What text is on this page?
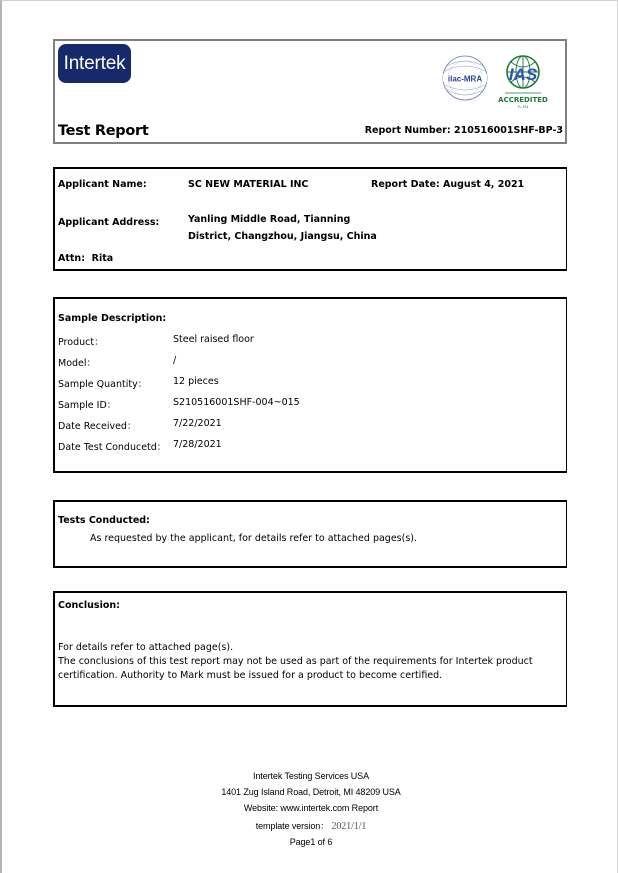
Intertek
ilac-MRA IAS
ACCREDITED
TL 394
Test Report	Report Number: 210516001SHF-BP-3
Applicant Name:	SC NEW MATERIAL INC	Report Date: August 4, 2021
Applicant Address:	Yanling Middle Road, Tianning
District, Changzhou, Jiangsu, China
Attn: Rita
Sample Description:
Product：	Steel raised floor
Model：	/
Sample Quantity：	12 pieces
Sample ID：	S210516001SHF-004~015
Date Received：	7/22/2021
Date Test Conducetd： 7/28/2021
Tests Conducted:
As requested by the applicant, for details refer to attached pages(s).
Conclusion:
For details refer to attached page(s).
The conclusions of this test report may not be used as part of the requirements for Intertek product
certification. Authority to Mark must be issued for a product to become certified.
Intertek Testing Services USA
1401 Zug Island Road, Detroit, MI 48209 USA
Website: www.intertek.com Report
template version： 2021/1/1
Page1 of 6
